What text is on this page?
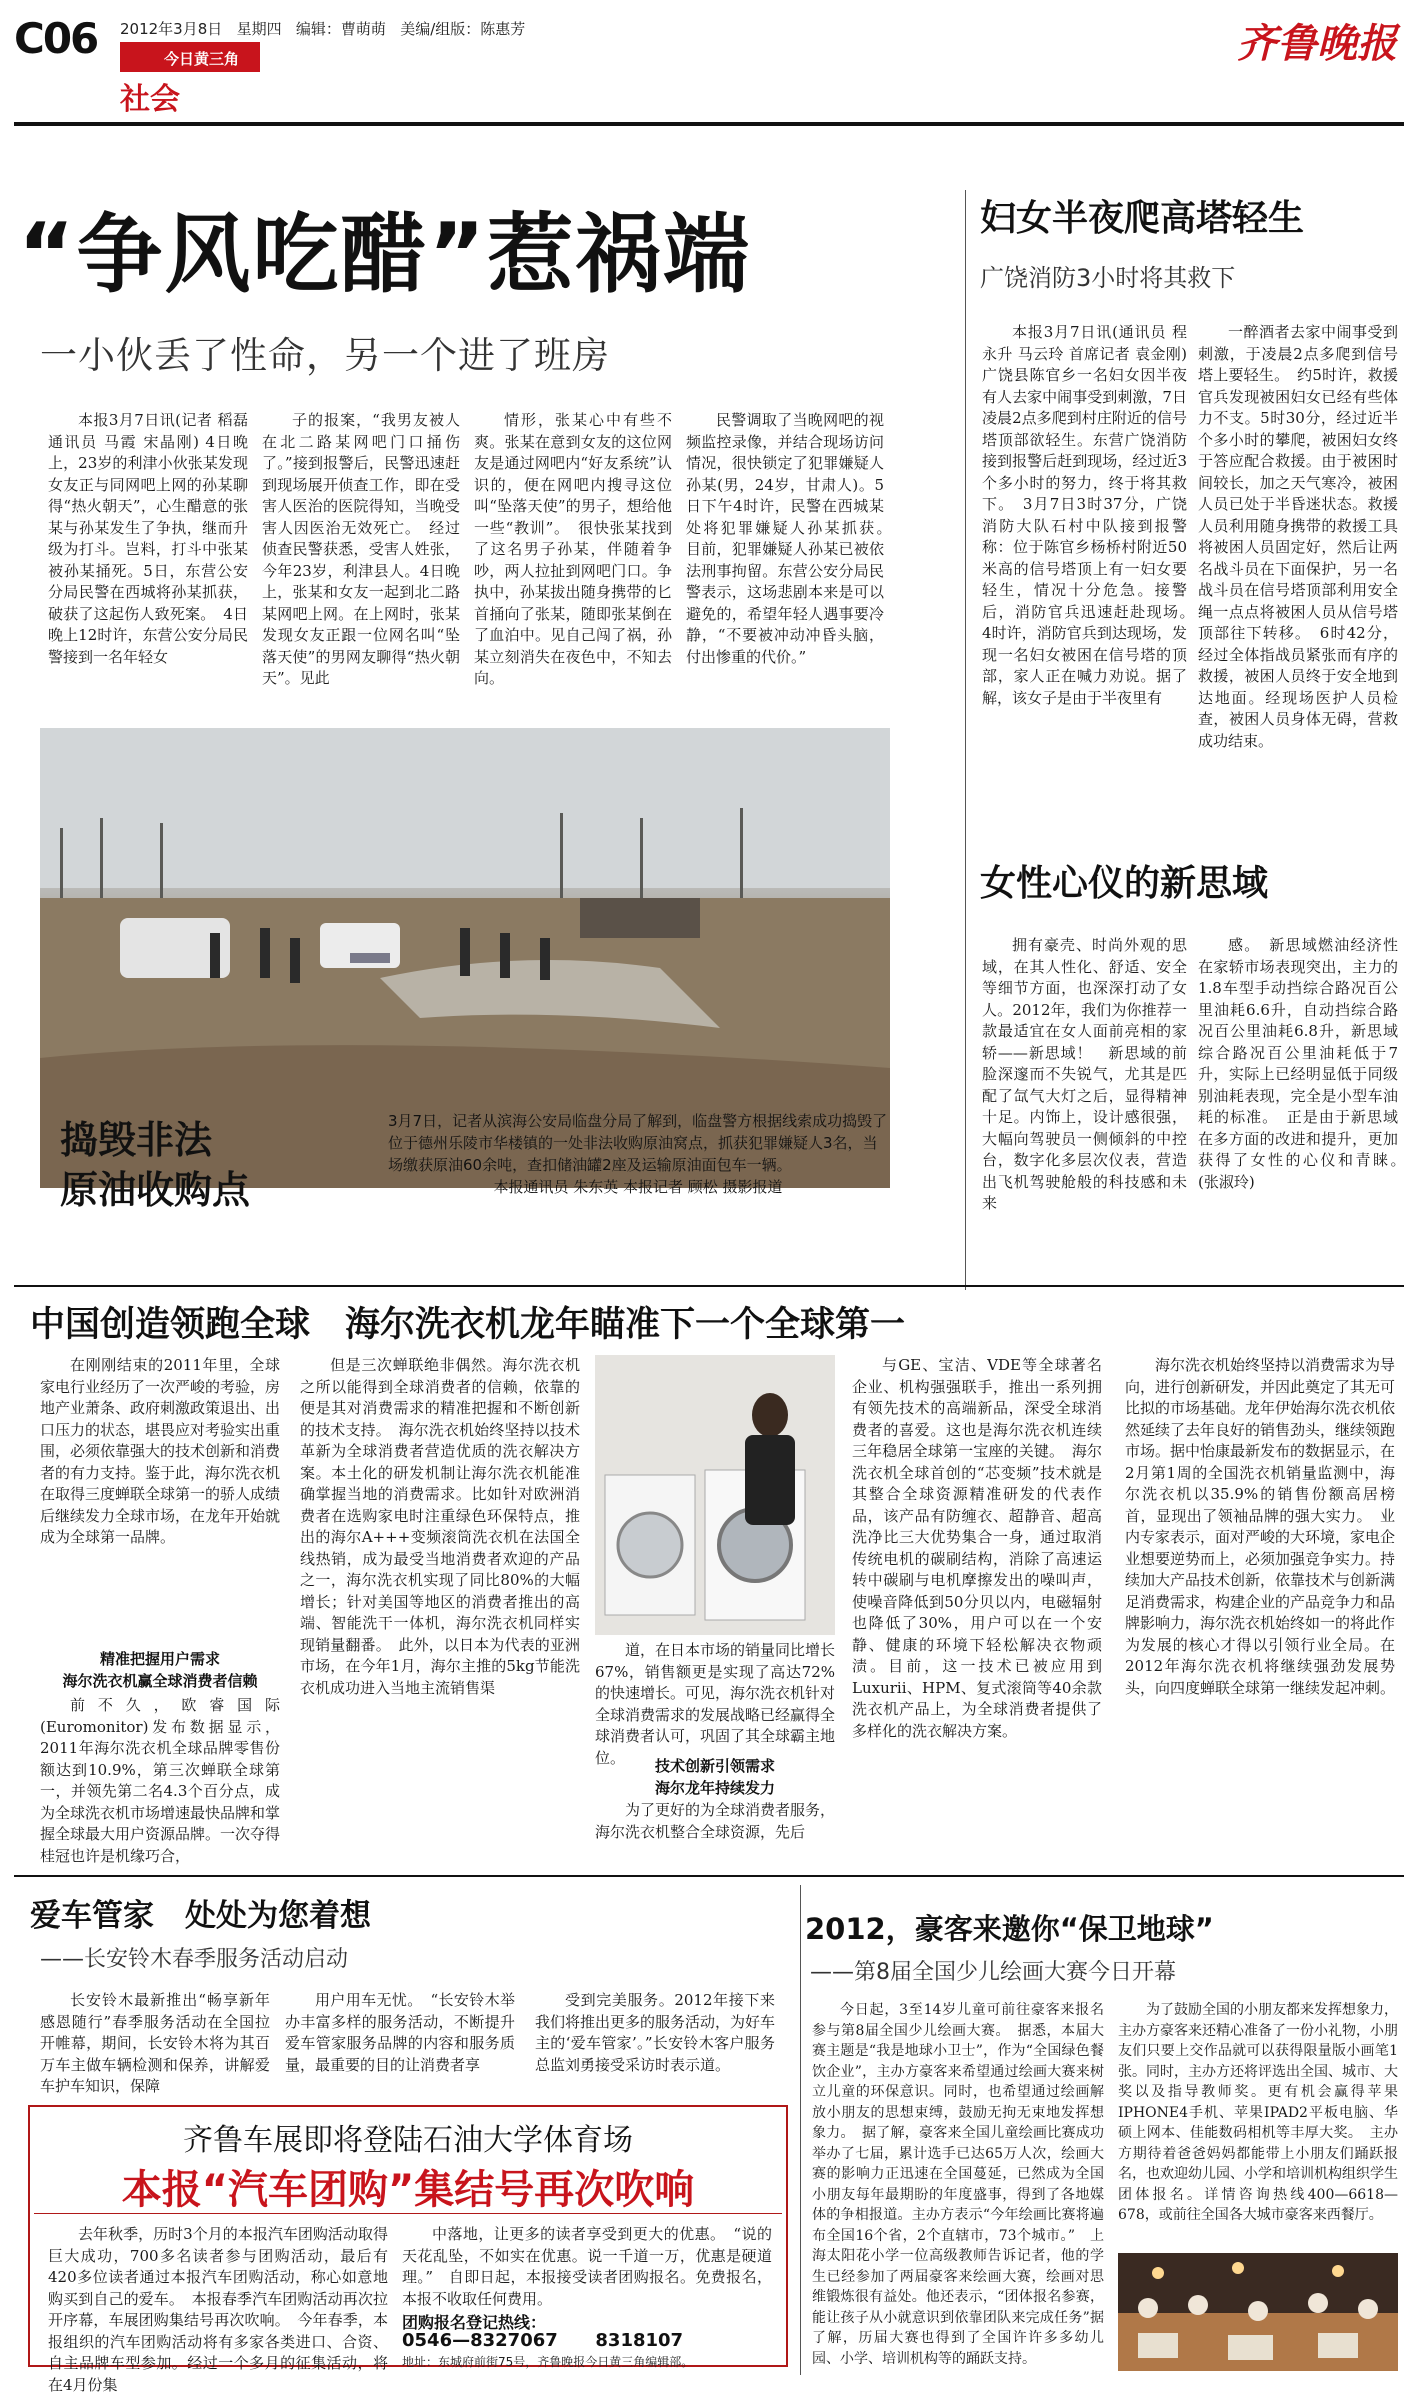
C06 2012年3月8日 星期四 编辑：曹萌萌 美编/组版：陈惠芳
今日黄三角
社会
齐鲁晚报
“争风吃醋”惹祸端
一小伙丢了性命，另一个进了班房
本报3月7日讯(记者 稻磊 通讯员 马霞 宋晶刚) 4日晚上，23岁的利津小伙张某发现女友正与同网吧上网的孙某聊得“热火朝天”，心生醋意的张某与孙某发生了争执，继而升级为打斗。岂料，打斗中张某被孙某捅死。5日，东营公安分局民警在西城将孙某抓获，破获了这起伤人致死案。　4日晚上12时许，东营公安分局民警接到一名年轻女
子的报案，“我男友被人在北二路某网吧门口捅伤了。”接到报警后，民警迅速赶到现场展开侦查工作，即在受害人医治的医院得知，当晚受害人因医治无效死亡。　经过侦查民警获悉，受害人姓张，今年23岁，利津县人。4日晚上，张某和女友一起到北二路某网吧上网。在上网时，张某发现女友正跟一位网名叫“坠落天使”的男网友聊得“热火朝天”。见此
情形，张某心中有些不爽。张某在意到女友的这位网友是通过网吧内“好友系统”认识的，便在网吧内搜寻这位叫“坠落天使”的男子，想给他一些“教训”。　很快张某找到了这名男子孙某，伴随着争吵，两人拉扯到网吧门口。争执中，孙某拔出随身携带的匕首捅向了张某，随即张某倒在了血泊中。见自己闯了祸，孙某立刻消失在夜色中，不知去向。
民警调取了当晚网吧的视频监控录像，并结合现场访问情况，很快锁定了犯罪嫌疑人孙某(男，24岁，甘肃人)。5日下午4时许，民警在西城某处将犯罪嫌疑人孙某抓获。　目前，犯罪嫌疑人孙某已被依法刑事拘留。东营公安分局民警表示，这场悲剧本来是可以避免的，希望年轻人遇事要冷静，“不要被冲动冲昏头脑，付出惨重的代价。”
捣毁非法
原油收购点
3月7日，记者从滨海公安局临盘分局了解到，临盘警方根据线索成功捣毁了位于德州乐陵市华楼镇的一处非法收购原油窝点，抓获犯罪嫌疑人3名，当场缴获原油60余吨，查扣储油罐2座及运输原油面包车一辆。
本报通讯员 朱东英 本报记者 顾松 摄影报道
妇女半夜爬高塔轻生
广饶消防3小时将其救下
本报3月7日讯(通讯员 程永升 马云玲 首席记者 袁金刚) 广饶县陈官乡一名妇女因半夜有人去家中闹事受到刺激，7日凌晨2点多爬到村庄附近的信号塔顶部欲轻生。东营广饶消防接到报警后赶到现场，经过近3个多小时的努力，终于将其救下。　3月7日3时37分，广饶消防大队石村中队接到报警称：位于陈官乡杨桥村附近50米高的信号塔顶上有一妇女要轻生，情况十分危急。接警后，消防官兵迅速赶赴现场。　4时许，消防官兵到达现场，发现一名妇女被困在信号塔的顶部，家人正在喊力劝说。据了解，该女子是由于半夜里有
一醉酒者去家中闹事受到刺激，于凌晨2点多爬到信号塔上要轻生。　约5时许，救援官兵发现被困妇女已经有些体力不支。5时30分，经过近半个多小时的攀爬，被困妇女终于答应配合救援。由于被困时间较长，加之天气寒冷，被困人员已处于半昏迷状态。救援人员利用随身携带的救援工具将被困人员固定好，然后让两名战斗员在下面保护，另一名战斗员在信号塔顶部利用安全绳一点点将被困人员从信号塔顶部往下转移。　6时42分，经过全体指战员紧张而有序的救援，被困人员终于安全地到达地面。经现场医护人员检查，被困人员身体无碍，营救成功结束。
女性心仪的新思域
拥有豪壳、时尚外观的思域，在其人性化、舒适、安全等细节方面，也深深打动了女人。2012年，我们为你推荐一款最适宜在女人面前亮相的家轿——新思域！　新思域的前脸深邃而不失锐气，尤其是匹配了氙气大灯之后，显得精神十足。内饰上，设计感很强，大幅向驾驶员一侧倾斜的中控台，数字化多层次仪表，营造出飞机驾驶舱般的科技感和未来
感。　新思域燃油经济性在家轿市场表现突出，主力的1.8车型手动挡综合路况百公里油耗6.6升，自动挡综合路况百公里油耗6.8升，新思域综合路况百公里油耗低于7升，实际上已经明显低于同级别油耗表现，完全是小型车油耗的标准。　正是由于新思域在多方面的改进和提升，更加获得了女性的心仪和青睐。　(张淑玲)
中国创造领跑全球　海尔洗衣机龙年瞄准下一个全球第一
在刚刚结束的2011年里，全球家电行业经历了一次严峻的考验，房地产业萧条、政府刺激政策退出、出口压力的状态，堪畏应对考验实出重围，必须依靠强大的技术创新和消费者的有力支持。鉴于此，海尔洗衣机在取得三度蝉联全球第一的骄人成绩后继续发力全球市场，在龙年开始就成为全球第一品牌。
精准把握用户需求
海尔洗衣机赢全球消费者信赖
前不久，欧睿国际(Euromonitor)发布数据显示，2011年海尔洗衣机全球品牌零售份额达到10.9%，第三次蝉联全球第一，并领先第二名4.3个百分点，成为全球洗衣机市场增速最快品牌和掌握全球最大用户资源品牌。一次夺得桂冠也许是机缘巧合，
但是三次蝉联绝非偶然。海尔洗衣机之所以能得到全球消费者的信赖，依靠的便是其对消费需求的精准把握和不断创新的技术支持。　海尔洗衣机始终坚持以技术革新为全球消费者营造优质的洗衣解决方案。本土化的研发机制让海尔洗衣机能准确掌握当地的消费需求。比如针对欧洲消费者在选购家电时注重绿色环保特点，推出的海尔A+++变频滚筒洗衣机在法国全线热销，成为最受当地消费者欢迎的产品之一，海尔洗衣机实现了同比80%的大幅增长；针对美国等地区的消费者推出的高端、智能洗干一体机，海尔洗衣机同样实现销量翻番。　此外，以日本为代表的亚洲市场，在今年1月，海尔主推的5kg节能洗衣机成功进入当地主流销售渠
道，在日本市场的销量同比增长67%，销售额更是实现了高达72%的快速增长。可见，海尔洗衣机针对全球消费需求的发展战略已经赢得全球消费者认可，巩固了其全球霸主地位。	技术创新引领需求
海尔龙年持续发力
为了更好的为全球消费者服务，海尔洗衣机整合全球资源，先后
与GE、宝洁、VDE等全球著名企业、机构强强联手，推出一系列拥有领先技术的高端新品，深受全球消费者的喜爱。这也是海尔洗衣机连续三年稳居全球第一宝座的关键。　海尔洗衣机全球首创的“芯变频”技术就是其整合全球资源精准研发的代表作品，该产品有防缠衣、超静音、超高洗净比三大优势集合一身，通过取消传统电机的碳刷结构，消除了高速运转中碳刷与电机摩擦发出的噪叫声，使噪音降低到50分贝以内，电磁辐射也降低了30%，用户可以在一个安静、健康的环境下轻松解决衣物顽渍。目前，这一技术已被应用到Luxurii、HPM、复式滚筒等40余款洗衣机产品上，为全球消费者提供了多样化的洗衣解决方案。
海尔洗衣机始终坚持以消费需求为导向，进行创新研发，并因此奠定了其无可比拟的市场基础。龙年伊始海尔洗衣机依然延续了去年良好的销售劲头，继续领跑市场。据中怡康最新发布的数据显示，在2月第1周的全国洗衣机销量监测中，海尔洗衣机以35.9%的销售份额高居榜首，显现出了领袖品牌的强大实力。　业内专家表示，面对严峻的大环境，家电企业想要逆势而上，必须加强竞争实力。持续加大产品技术创新，依靠技术与创新满足消费需求，构建企业的产品竞争力和品牌影响力，海尔洗衣机始终如一的将此作为发展的核心才得以引领行业全局。在2012年海尔洗衣机将继续强劲发展势头，向四度蝉联全球第一继续发起冲刺。
爱车管家　处处为您着想
——长安铃木春季服务活动启动
长安铃木最新推出“畅享新年 感恩随行”春季服务活动在全国拉开帷幕，期间，长安铃木将为其百万车主做车辆检测和保养，讲解爱车护车知识，保障
用户用车无忧。　“长安铃木举办丰富多样的服务活动，不断提升爱车管家服务品牌的内容和服务质量，最重要的目的让消费者享
受到完美服务。2012年接下来我们将推出更多的服务活动，为好车主的‘爱车管家’。”长安铃木客户服务总监刘勇接受采访时表示道。
齐鲁车展即将登陆石油大学体育场
本报“汽车团购”集结号再次吹响
去年秋季，历时3个月的本报汽车团购活动取得巨大成功，700多名读者参与团购活动，最后有420多位读者通过本报汽车团购活动，称心如意地购买到自己的爱车。　本报春季汽车团购活动再次拉开序幕，车展团购集结号再次吹响。　今年春季，本报组织的汽车团购活动将有多家各类进口、合资、自主品牌车型参加。经过一个多月的征集活动，将在4月份集
中落地，让更多的读者享受到更大的优惠。　“说的天花乱坠，不如实在优惠。说一千道一万，优惠是硬道理。”　自即日起，本报接受读者团购报名。免费报名，本报不收取任何费用。
团购报名登记热线：
0546—8327067 8318107
地址：东城府前街75号，齐鲁晚报今日黄三角编辑部。
2012，豪客来邀你“保卫地球”
——第8届全国少儿绘画大赛今日开幕
今日起，3至14岁儿童可前往豪客来报名参与第8届全国少儿绘画大赛。　据悉，本届大赛主题是“我是地球小卫士”，作为“全国绿色餐饮企业”，主办方豪客来希望通过绘画大赛来树立儿童的环保意识。同时，也希望通过绘画解放小朋友的思想束缚，鼓励无拘无束地发挥想象力。　据了解，豪客来全国儿童绘画比赛成功举办了七届，累计选手已达65万人次，绘画大赛的影响力正迅速在全国蔓延，已然成为全国小朋友每年最期盼的年度盛事，得到了各地媒体的争相报道。主办方表示“今年绘画比赛将遍布全国16个省，2个直辖市，73个城市。”　上海太阳花小学一位高级教师告诉记者，他的学生已经参加了两届豪客来绘画大赛，绘画对思维锻炼很有益处。他还表示，“团体报名参赛，能让孩子从小就意识到依靠团队来完成任务”据了解，历届大赛也得到了全国许许多多幼儿园、小学、培训机构等的踊跃支持。
为了鼓励全国的小朋友都来发挥想象力，主办方豪客来还精心准备了一份小礼物，小朋友们只要上交作品就可以获得限量版小画笔1张。同时，主办方还将评选出全国、城市、大奖以及指导教师奖。更有机会赢得苹果IPHONE4手机、苹果IPAD2平板电脑、华硕上网本、佳能数码相机等丰厚大奖。　主办方期待着爸爸妈妈都能带上小朋友们踊跃报名，也欢迎幼儿园、小学和培训机构组织学生团体报名。详情咨询热线400—6618—678，或前往全国各大城市豪客来西餐厅。
